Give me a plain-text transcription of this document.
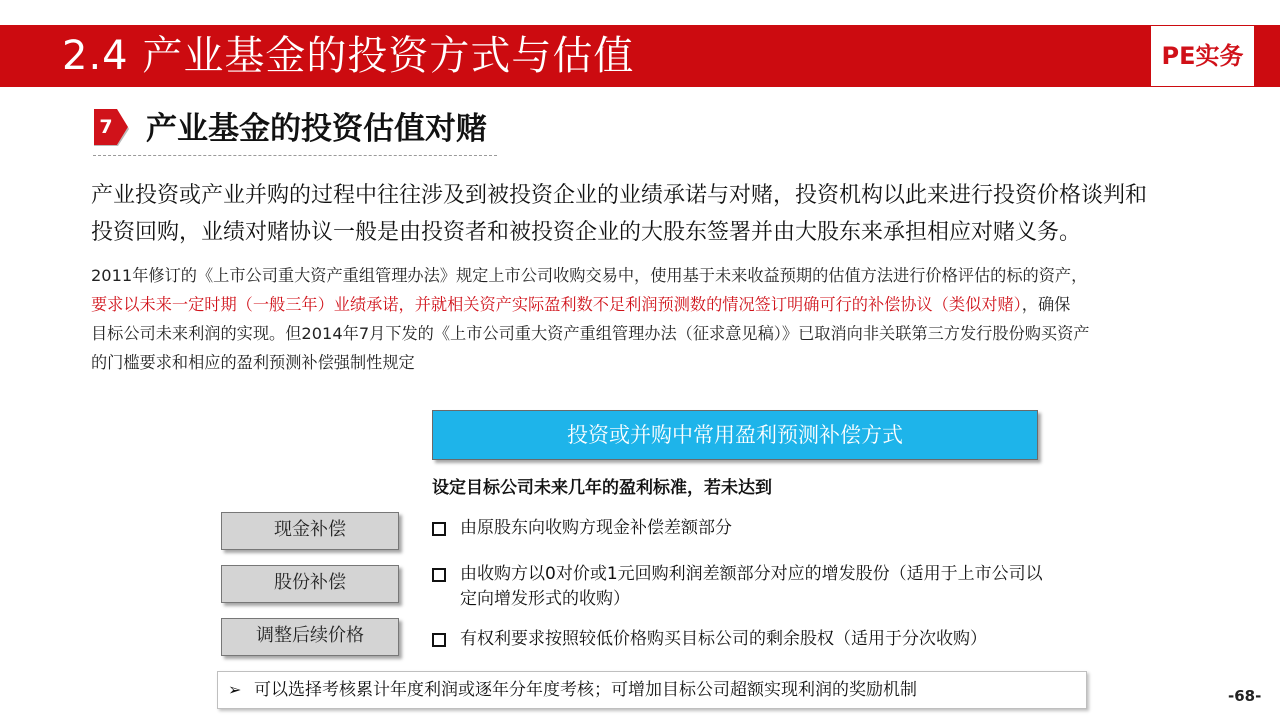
2.4 产业基金的投资方式与估值	PE实务
7 产业基金的投资估值对赌

产业投资或产业并购的过程中往往涉及到被投资企业的业绩承诺与对赌，投资机构以此来进行投资价格谈判和

投资回购，业绩对赌协议一般是由投资者和被投资企业的大股东签署并由大股东来承担相应对赌义务。

2011年修订的《上市公司重大资产重组管理办法》规定上市公司收购交易中，使用基于未来收益预期的估值方法进行价格评估的标的资产，

要求以未来一定时期（一般三年）业绩承诺，并就相关资产实际盈利数不足利润预测数的情况签订明确可行的补偿协议（类似对赌），确保

目标公司未来利润的实现。但2014年7月下发的《上市公司重大资产重组管理办法（征求意见稿）》已取消向非关联第三方发行股份购买资产

的门槛要求和相应的盈利预测补偿强制性规定

投资或并购中常用盈利预测补偿方式
设定目标公司未来几年的盈利标准，若未达到
现金补偿
股份补偿
调整后续价格
由原股东向收购方现金补偿差额部分
由收购方以0对价或1元回购利润差额部分对应的增发股份（适用于上市公司以定向增发形式的收购）
有权利要求按照较低价格购买目标公司的剩余股权（适用于分次收购）
➢ 可以选择考核累计年度利润或逐年分年度考核；可增加目标公司超额实现利润的奖励机制	-68-
